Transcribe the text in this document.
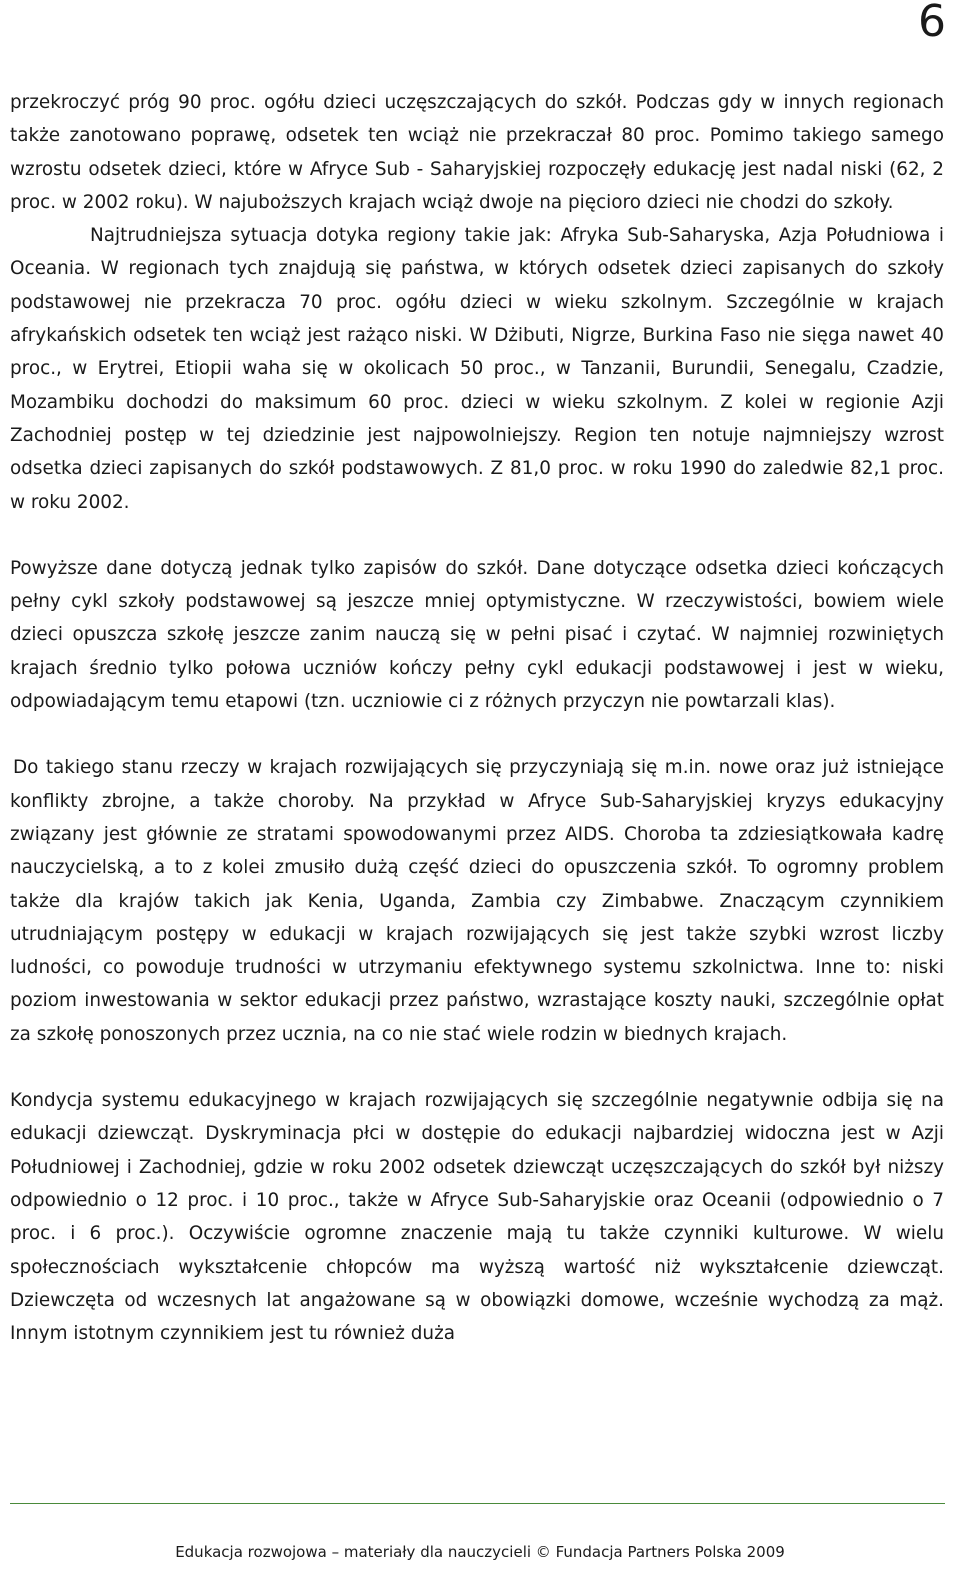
6

przekroczyć próg 90 proc. ogółu dzieci uczęszczających do szkół. Podczas gdy w innych regionach także zanotowano poprawę, odsetek ten wciąż nie przekraczał 80 proc. Pomimo takiego samego wzrostu odsetek dzieci, które w Afryce Sub - Saharyjskiej rozpoczęły edukację jest nadal niski (62, 2 proc. w 2002 roku). W najuboższych krajach wciąż dwoje na pięcioro dzieci nie chodzi do szkoły.

Najtrudniejsza sytuacja dotyka regiony takie jak: Afryka Sub-Saharyska, Azja Południowa i Oceania. W regionach tych znajdują się państwa, w których odsetek dzieci zapisanych do szkoły podstawowej nie przekracza 70 proc. ogółu dzieci w wieku szkolnym. Szczególnie w krajach afrykańskich odsetek ten wciąż jest rażąco niski. W Dżibuti, Nigrze, Burkina Faso nie sięga nawet 40 proc., w Erytrei, Etiopii waha się w okolicach 50 proc., w Tanzanii, Burundii, Senegalu, Czadzie, Mozambiku dochodzi do maksimum 60 proc. dzieci w wieku szkolnym. Z kolei w regionie Azji Zachodniej postęp w tej dziedzinie jest najpowolniejszy. Region ten notuje najmniejszy wzrost odsetka dzieci zapisanych do szkół podstawowych. Z 81,0 proc. w roku 1990 do zaledwie 82,1 proc. w roku 2002.

Powyższe dane dotyczą jednak tylko zapisów do szkół. Dane dotyczące odsetka dzieci kończących pełny cykl szkoły podstawowej są jeszcze mniej optymistyczne. W rzeczywistości, bowiem wiele dzieci opuszcza szkołę jeszcze zanim nauczą się w pełni pisać i czytać. W najmniej rozwiniętych krajach średnio tylko połowa uczniów kończy pełny cykl edukacji podstawowej i jest w wieku, odpowiadającym temu etapowi (tzn. uczniowie ci z różnych przyczyn nie powtarzali klas).

Do takiego stanu rzeczy w krajach rozwijających się przyczyniają się m.in. nowe oraz już istniejące konflikty zbrojne, a także choroby. Na przykład w Afryce Sub-Saharyjskiej kryzys edukacyjny związany jest głównie ze stratami spowodowanymi przez AIDS. Choroba ta zdziesiątkowała kadrę nauczycielską, a to z kolei zmusiło dużą część dzieci do opuszczenia szkół. To ogromny problem także dla krajów takich jak Kenia, Uganda, Zambia czy Zimbabwe. Znaczącym czynnikiem utrudniającym postępy w edukacji w krajach rozwijających się jest także szybki wzrost liczby ludności, co powoduje trudności w utrzymaniu efektywnego systemu szkolnictwa. Inne to: niski poziom inwestowania w sektor edukacji przez państwo, wzrastające koszty nauki, szczególnie opłat za szkołę ponoszonych przez ucznia, na co nie stać wiele rodzin w biednych krajach.

Kondycja systemu edukacyjnego w krajach rozwijających się szczególnie negatywnie odbija się na edukacji dziewcząt. Dyskryminacja płci w dostępie do edukacji najbardziej widoczna jest w Azji Południowej i Zachodniej, gdzie w roku 2002 odsetek dziewcząt uczęszczających do szkół był niższy odpowiednio o 12 proc. i 10 proc., także w Afryce Sub-Saharyjskie oraz Oceanii (odpowiednio o 7 proc. i 6 proc.). Oczywiście ogromne znaczenie mają tu także czynniki kulturowe. W wielu społecznościach wykształcenie chłopców ma wyższą wartość niż wykształcenie dziewcząt. Dziewczęta od wczesnych lat angażowane są w obowiązki domowe, wcześnie wychodzą za mąż. Innym istotnym czynnikiem jest tu również duża

Edukacja rozwojowa – materiały dla nauczycieli © Fundacja Partners Polska 2009
